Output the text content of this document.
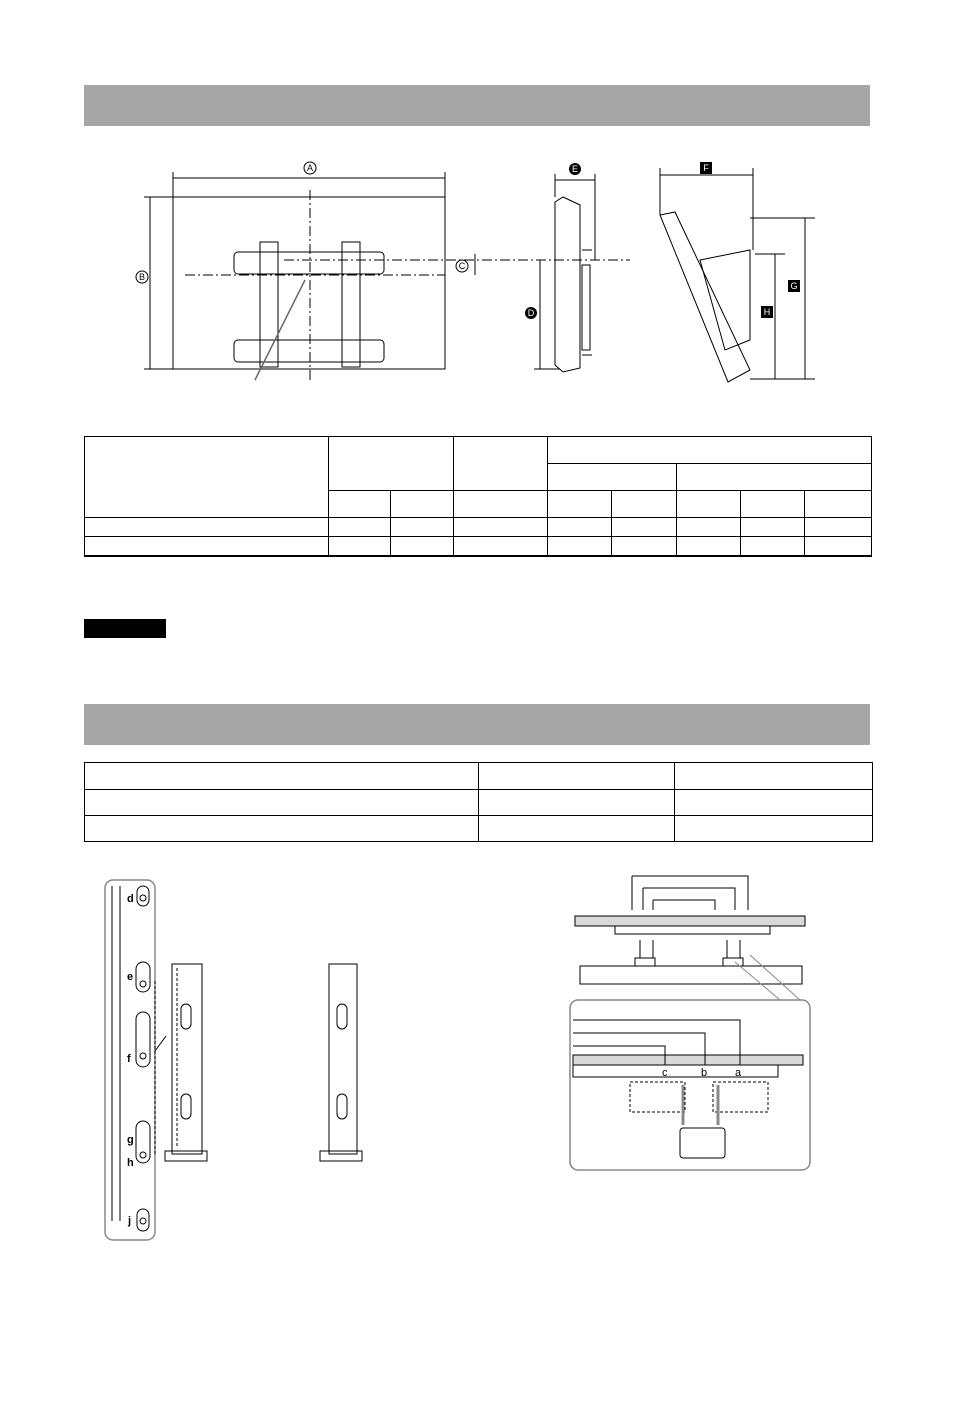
A
B
C
D
E	F
G
H

d
e
f
g
h
j
c	b	a
